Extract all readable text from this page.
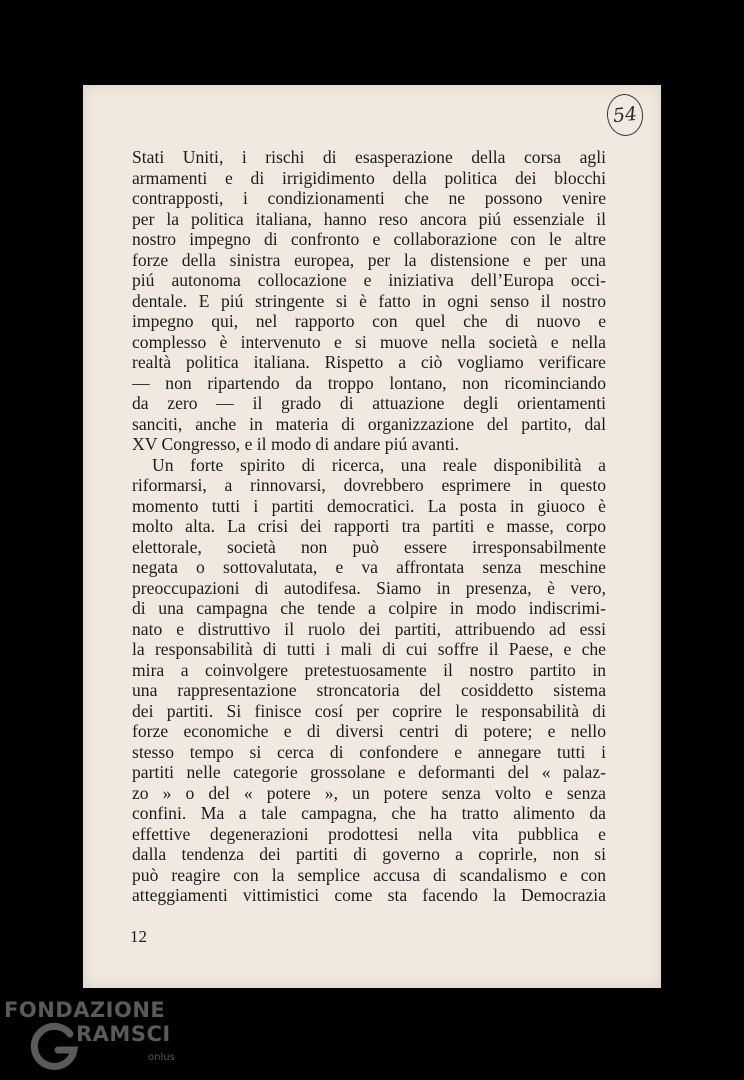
54
Stati Uniti, i rischi di esasperazione della corsa agli
armamenti e di irrigidimento della politica dei blocchi
contrapposti, i condizionamenti che ne possono venire
per la politica italiana, hanno reso ancora piú essenziale il
nostro impegno di confronto e collaborazione con le altre
forze della sinistra europea, per la distensione e per una
piú autonoma collocazione e iniziativa dell’Europa occi-
dentale. E piú stringente si è fatto in ogni senso il nostro
impegno qui, nel rapporto con quel che di nuovo e
complesso è intervenuto e si muove nella società e nella
realtà politica italiana. Rispetto a ciò vogliamo verificare
— non ripartendo da troppo lontano, non ricominciando
da zero — il grado di attuazione degli orientamenti
sanciti, anche in materia di organizzazione del partito, dal
XV Congresso, e il modo di andare piú avanti.
Un forte spirito di ricerca, una reale disponibilità a
riformarsi, a rinnovarsi, dovrebbero esprimere in questo
momento tutti i partiti democratici. La posta in giuoco è
molto alta. La crisi dei rapporti tra partiti e masse, corpo
elettorale, società non può essere irresponsabilmente
negata o sottovalutata, e va affrontata senza meschine
preoccupazioni di autodifesa. Siamo in presenza, è vero,
di una campagna che tende a colpire in modo indiscrimi-
nato e distruttivo il ruolo dei partiti, attribuendo ad essi
la responsabilità di tutti i mali di cui soffre il Paese, e che
mira a coinvolgere pretestuosamente il nostro partito in
una rappresentazione stroncatoria del cosiddetto sistema
dei partiti. Si finisce cosí per coprire le responsabilità di
forze economiche e di diversi centri di potere; e nello
stesso tempo si cerca di confondere e annegare tutti i
partiti nelle categorie grossolane e deformanti del « palaz-
zo » o del « potere », un potere senza volto e senza
confini. Ma a tale campagna, che ha tratto alimento da
effettive degenerazioni prodottesi nella vita pubblica e
dalla tendenza dei partiti di governo a coprirle, non si
può reagire con la semplice accusa di scandalismo e con
atteggiamenti vittimistici come sta facendo la Democrazia
12
FONDAZIONE
RAMSCI
onlus
